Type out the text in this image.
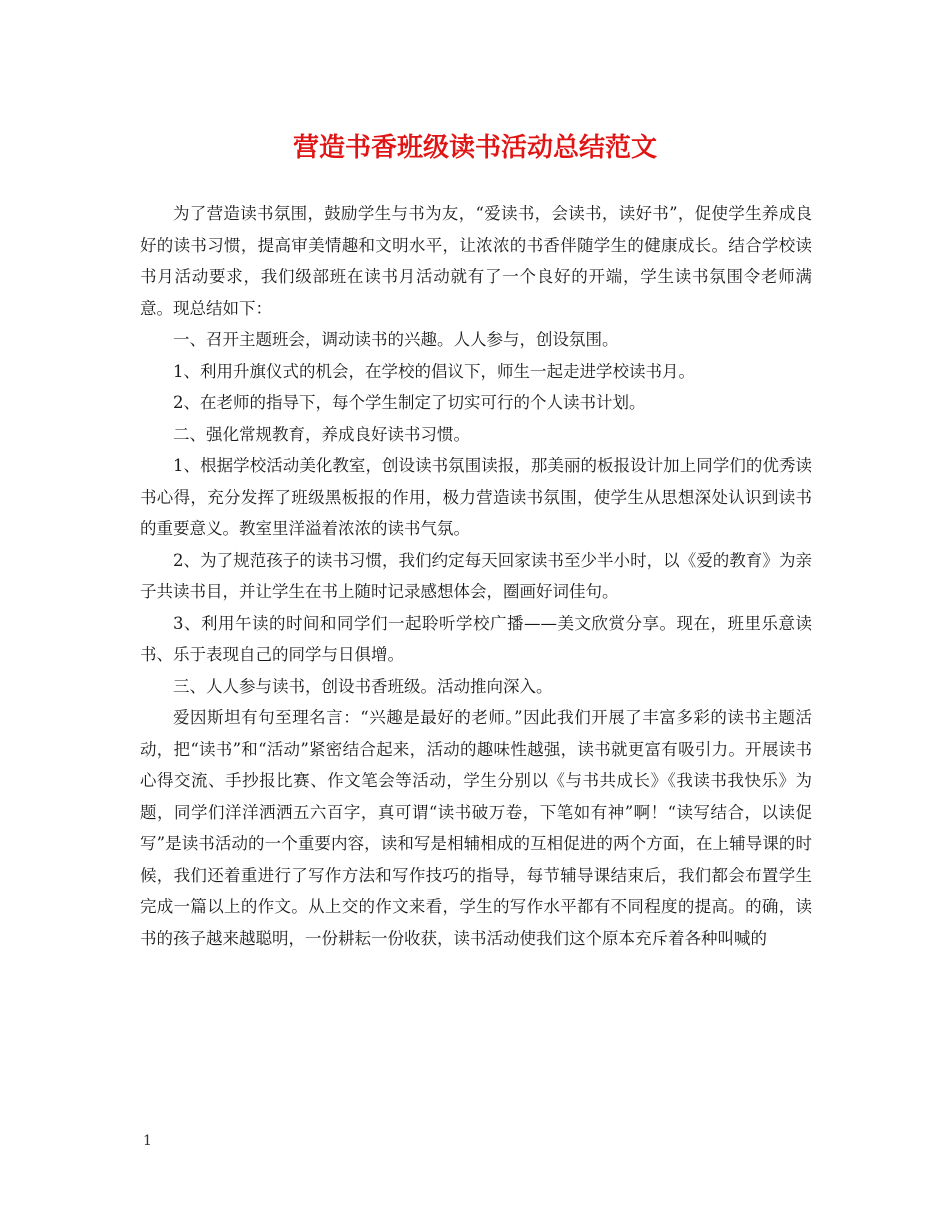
营造书香班级读书活动总结范文

为了营造读书氛围，鼓励学生与书为友，“爱读书，会读书，读好书”，促使学生养成良好的读书习惯，提高审美情趣和文明水平，让浓浓的书香伴随学生的健康成长。结合学校读书月活动要求，我们级部班在读书月活动就有了一个良好的开端，学生读书氛围令老师满意。现总结如下：

一、召开主题班会，调动读书的兴趣。人人参与，创设氛围。

1、利用升旗仪式的机会，在学校的倡议下，师生一起走进学校读书月。

2、在老师的指导下，每个学生制定了切实可行的个人读书计划。

二、强化常规教育，养成良好读书习惯。

1、根据学校活动美化教室，创设读书氛围读报，那美丽的板报设计加上同学们的优秀读书心得，充分发挥了班级黑板报的作用，极力营造读书氛围，使学生从思想深处认识到读书的重要意义。教室里洋溢着浓浓的读书气氛。

2、为了规范孩子的读书习惯，我们约定每天回家读书至少半小时，以《爱的教育》为亲子共读书目，并让学生在书上随时记录感想体会，圈画好词佳句。

3、利用午读的时间和同学们一起聆听学校广播——美文欣赏分享。现在，班里乐意读书、乐于表现自己的同学与日俱增。

三、人人参与读书，创设书香班级。活动推向深入。

爱因斯坦有句至理名言：“兴趣是最好的老师。”因此我们开展了丰富多彩的读书主题活动，把“读书”和“活动”紧密结合起来，活动的趣味性越强，读书就更富有吸引力。开展读书心得交流、手抄报比赛、作文笔会等活动，学生分别以《与书共成长》《我读书我快乐》为题，同学们洋洋洒洒五六百字，真可谓“读书破万卷，下笔如有神”啊！“读写结合，以读促写”是读书活动的一个重要内容，读和写是相辅相成的互相促进的两个方面，在上辅导课的时候，我们还着重进行了写作方法和写作技巧的指导，每节辅导课结束后，我们都会布置学生完成一篇以上的作文。从上交的作文来看，学生的写作水平都有不同程度的提高。的确，读书的孩子越来越聪明，一份耕耘一份收获，读书活动使我们这个原本充斥着各种叫喊的

1
